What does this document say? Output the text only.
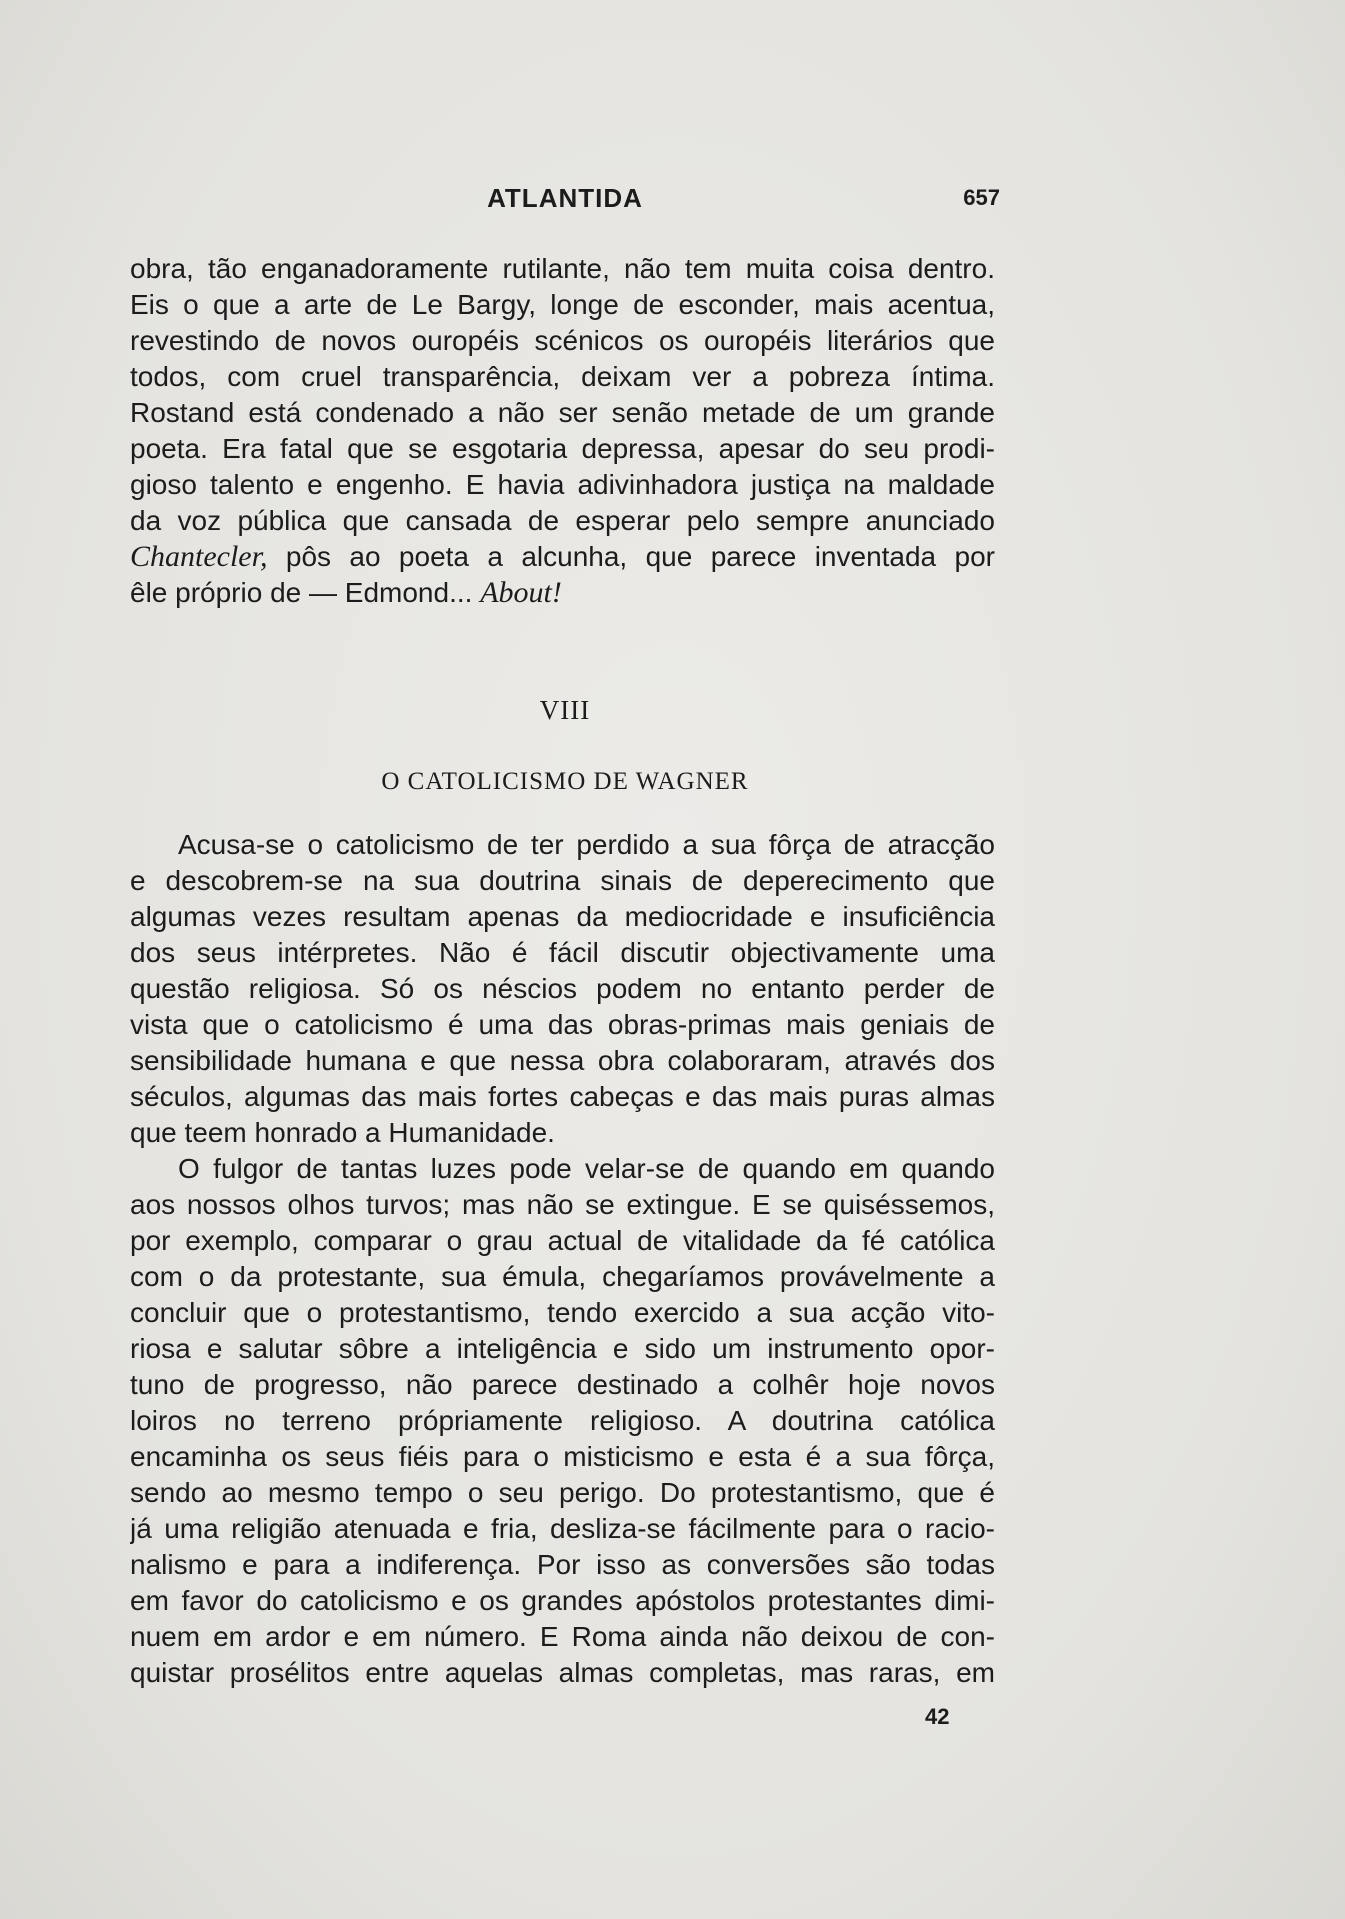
ATLANTIDA	657
obra, tão enganadoramente rutilante, não tem muita coisa dentro.
Eis o que a arte de Le Bargy, longe de esconder, mais acentua,
revestindo de novos ouropéis scénicos os ouropéis literários que
todos, com cruel transparência, deixam ver a pobreza íntima.
Rostand está condenado a não ser senão metade de um grande
poeta. Era fatal que se esgotaria depressa, apesar do seu prodi-
gioso talento e engenho. E havia adivinhadora justiça na maldade
da voz pública que cansada de esperar pelo sempre anunciado
Chantecler, pôs ao poeta a alcunha, que parece inventada por
êle próprio de — Edmond... About!
VIII
O CATOLICISMO DE WAGNER
Acusa-se o catolicismo de ter perdido a sua fôrça de atracção
e descobrem-se na sua doutrina sinais de deperecimento que
algumas vezes resultam apenas da mediocridade e insuficiência
dos seus intérpretes. Não é fácil discutir objectivamente uma
questão religiosa. Só os néscios podem no entanto perder de
vista que o catolicismo é uma das obras-primas mais geniais de
sensibilidade humana e que nessa obra colaboraram, através dos
séculos, algumas das mais fortes cabeças e das mais puras almas
que teem honrado a Humanidade.
O fulgor de tantas luzes pode velar-se de quando em quando
aos nossos olhos turvos; mas não se extingue. E se quiséssemos,
por exemplo, comparar o grau actual de vitalidade da fé católica
com o da protestante, sua émula, chegaríamos provávelmente a
concluir que o protestantismo, tendo exercido a sua acção vito-
riosa e salutar sôbre a inteligência e sido um instrumento opor-
tuno de progresso, não parece destinado a colhêr hoje novos
loiros no terreno própriamente religioso. A doutrina católica
encaminha os seus fiéis para o misticismo e esta é a sua fôrça,
sendo ao mesmo tempo o seu perigo. Do protestantismo, que é
já uma religião atenuada e fria, desliza-se fácilmente para o racio-
nalismo e para a indiferença. Por isso as conversões são todas
em favor do catolicismo e os grandes apóstolos protestantes dimi-
nuem em ardor e em número. E Roma ainda não deixou de con-
quistar prosélitos entre aquelas almas completas, mas raras, em
42
